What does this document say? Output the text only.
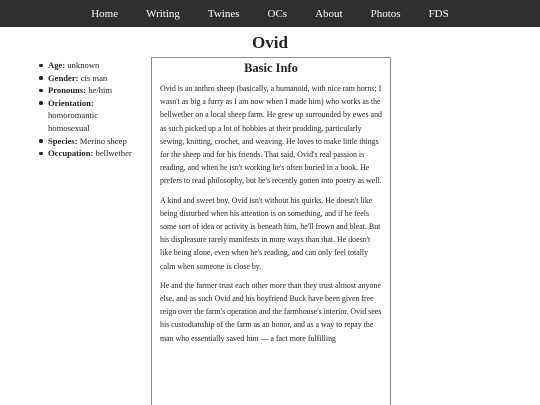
Home	Writing	Twines	OCs	About	Photos	FDS
Ovid
Age: unknown
Gender: cis man
Pronouns: he/him
Orientation:
homoromantic
homosexual
Species: Merino sheep
Occupation: bellwether
Basic Info

Ovid is an anthro sheep (basically, a humanoid, with nice ram horns; I wasn't as big a furry as I am now when I made him) who works as the bellwether on a local sheep farm. He grew up surrounded by ewes and as such picked up a lot of hobbies at their prodding, particularly sewing, knitting, crochet, and weaving. He loves to make little things for the sheep and for his friends. That said, Ovid's real passion is reading, and when he isn't working he's often buried in a book. He prefers to read philosophy, but he's recently gotten into poetry as well.

A kind and sweet boy, Ovid isn't without his quirks. He doesn't like being disturbed when his attention is on something, and if he feels some sort of idea or activity is beneath him, he'll frown and bleat. But his displeasure rarely manifests in more ways than that. He doesn't like being alone, even when he's reading, and can only feel totally calm when someone is close by.

He and the farmer trust each other more than they trust almost anyone else, and as such Ovid and his boyfriend Buck have been given free reign over the farm's operation and the farmhouse's interior. Ovid sees his custodianship of the farm as an honor, and as a way to repay the man who essentially saved him — a fact more fulfilling
